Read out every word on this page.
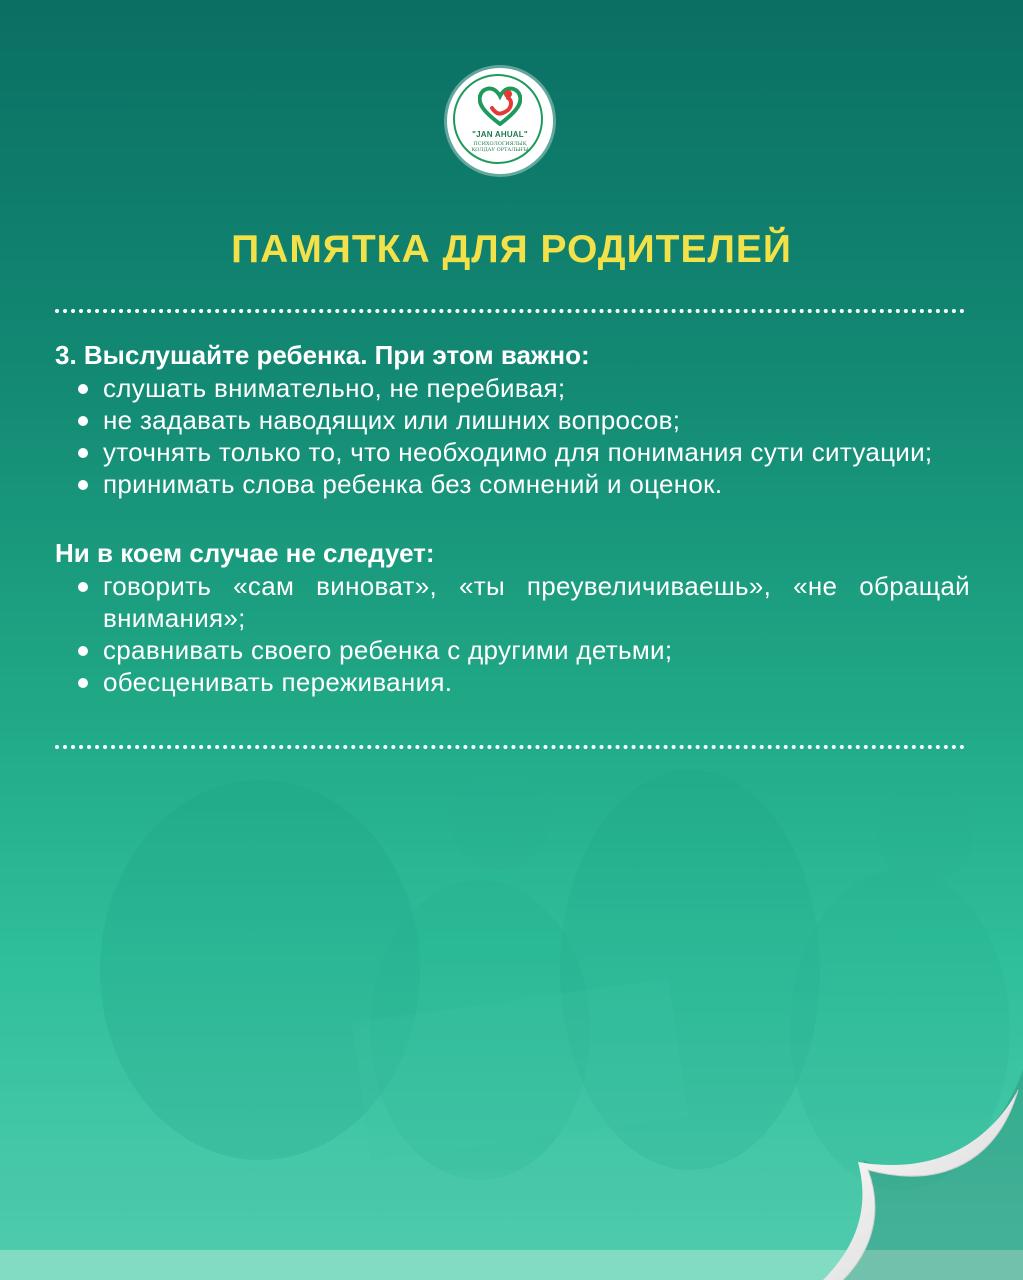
"JAN AHUAL"
ПСИХОЛОГИЯЛЫҚ
ҚОЛДАУ ОРТАЛЫҒЫ
ПАМЯТКА ДЛЯ РОДИТЕЛЕЙ

3. Выслушайте ребенка. При этом важно:

слушать внимательно, не перебивая;
не задавать наводящих или лишних вопросов;
уточнять только то, что необходимо для понимания сути ситуации;
принимать слова ребенка без сомнений и оценок.

Ни в коем случае не следует:

говорить «сам виноват», «ты преувеличиваешь», «не обращай внимания»;
сравнивать своего ребенка с другими детьми;
обесценивать переживания.
